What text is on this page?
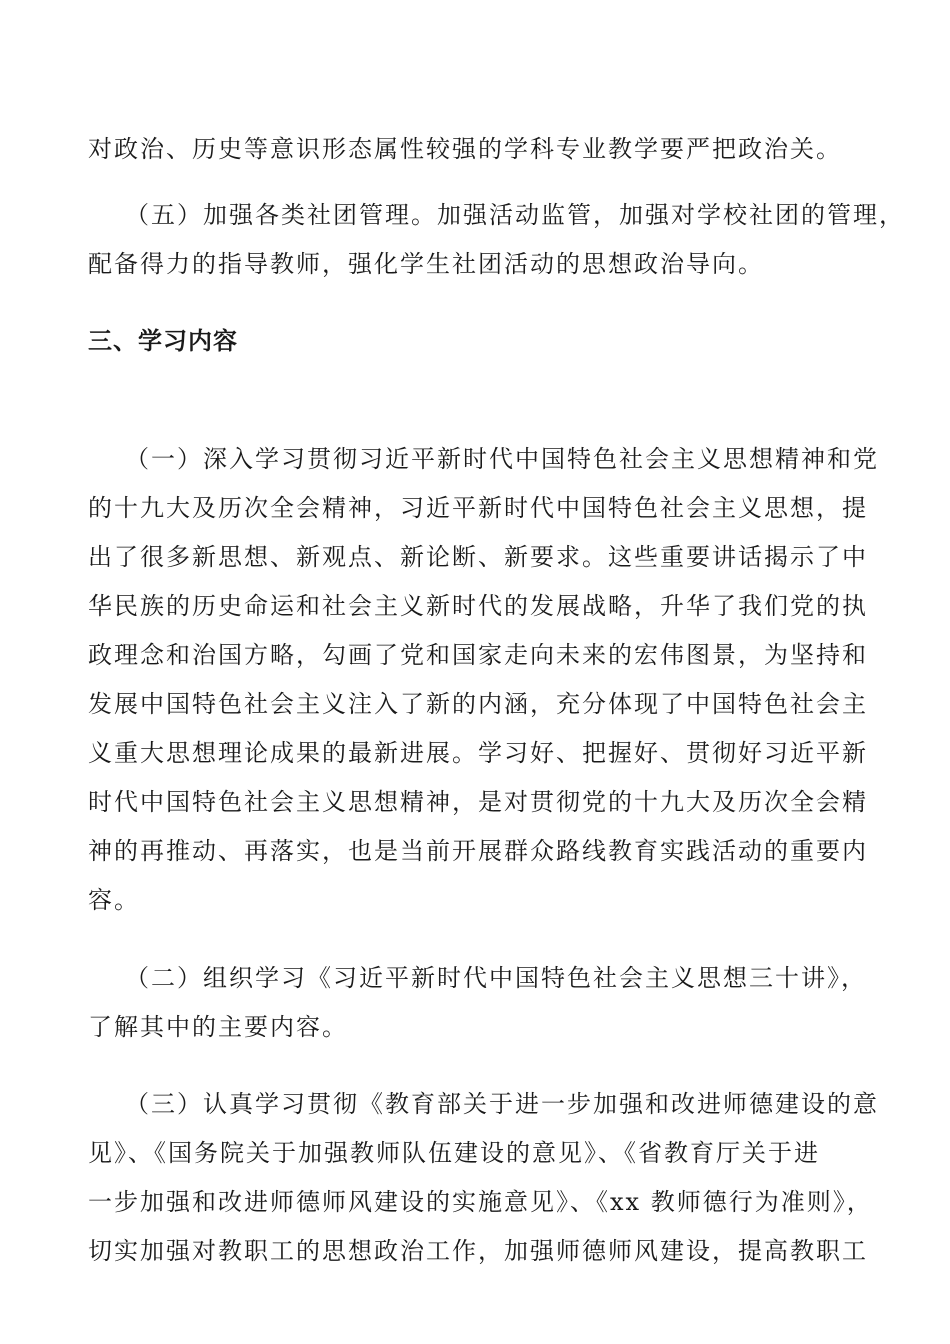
对政治、历史等意识形态属性较强的学科专业教学要严把政治关。
（五）加强各类社团管理。加强活动监管，加强对学校社团的管理，
配备得力的指导教师，强化学生社团活动的思想政治导向。
三、学习内容
（一）深入学习贯彻习近平新时代中国特色社会主义思想精神和党
的十九大及历次全会精神，习近平新时代中国特色社会主义思想，提
出了很多新思想、新观点、新论断、新要求。这些重要讲话揭示了中
华民族的历史命运和社会主义新时代的发展战略，升华了我们党的执
政理念和治国方略，勾画了党和国家走向未来的宏伟图景，为坚持和
发展中国特色社会主义注入了新的内涵，充分体现了中国特色社会主
义重大思想理论成果的最新进展。学习好、把握好、贯彻好习近平新
时代中国特色社会主义思想精神，是对贯彻党的十九大及历次全会精
神的再推动、再落实，也是当前开展群众路线教育实践活动的重要内
容。
（二）组织学习《习近平新时代中国特色社会主义思想三十讲》，
了解其中的主要内容。
（三）认真学习贯彻《教育部关于进一步加强和改进师德建设的意
见》、《国务院关于加强教师队伍建设的意见》、《省教育厅关于进
一步加强和改进师德师风建设的实施意见》、《xx 教师德行为准则》，
切实加强对教职工的思想政治工作，加强师德师风建设，提高教职工
